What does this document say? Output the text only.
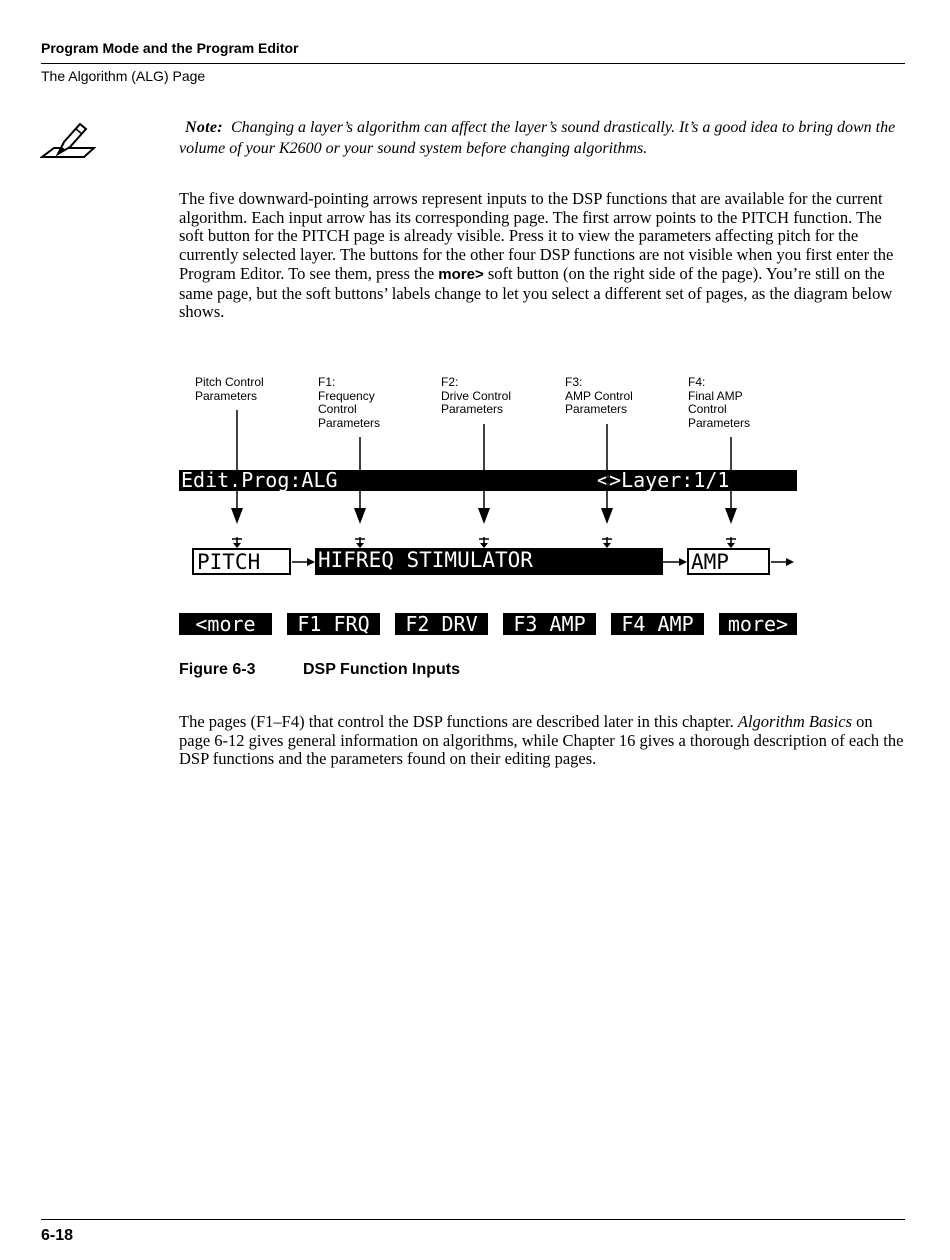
Program Mode and the Program Editor
The Algorithm (ALG) Page
Note: Changing a layer’s algorithm can affect the layer’s sound drastically. It’s a good idea to bring down the volume of your K2600 or your sound system before changing algorithms.
The five downward-pointing arrows represent inputs to the DSP functions that are available for the current algorithm. Each input arrow has its corresponding page. The first arrow points to the PITCH function. The soft button for the PITCH page is already visible. Press it to view the parameters affecting pitch for the currently selected layer. The buttons for the other four DSP functions are not visible when you first enter the Program Editor. To see them, press the more> soft button (on the right side of the page). You’re still on the same page, but the soft buttons’ labels change to let you select a different set of pages, as the diagram below shows.
Pitch Control
Parameters
F1:
Frequency
Control
Parameters
F2:
Drive Control
Parameters
F3:
AMP Control
Parameters
F4:
Final AMP
Control
Parameters

Edit.Prog:ALG

	<>Layer:1/1

PITCH	HIFREQ STIMULATOR	AMP
<more	F1 FRQ	F2 DRV	F3 AMP	F4 AMP	more>
Figure 6-3	DSP Function Inputs
The pages (F1–F4) that control the DSP functions are described later in this chapter. Algorithm Basics on page 6-12 gives general information on algorithms, while Chapter 16 gives a thorough description of each the DSP functions and the parameters found on their editing pages.
6-18
